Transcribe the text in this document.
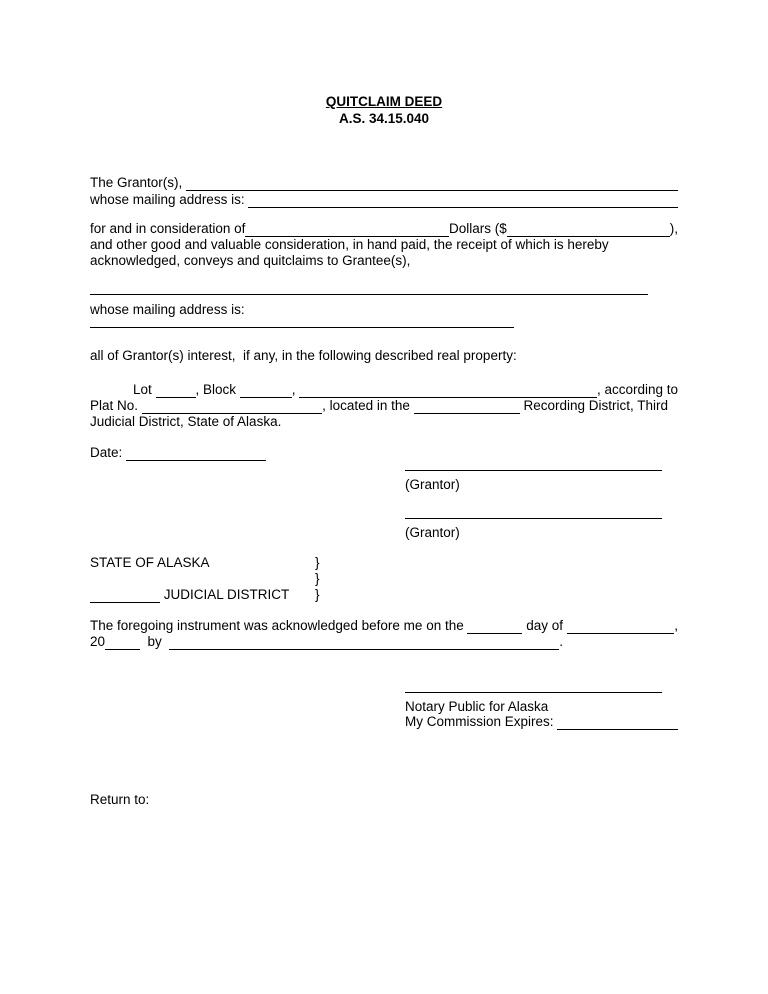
QUITCLAIM DEED
A.S. 34.15.040
The Grantor(s),
whose mailing address is:
for and in consideration of	Dollars ($	),
and other good and valuable consideration, in hand paid, the receipt of which is hereby
acknowledged, conveys and quitclaims to Grantee(s),
whose mailing address is:
all of Grantor(s) interest,  if any, in the following described real property:
Lot	, Block	,	, according to
Plat No.	, located in the	Recording District, Third
Judicial District, State of Alaska.
Date:
(Grantor)
(Grantor)
STATE OF ALASKA	}
}
JUDICIAL DISTRICT }
The foregoing instrument was acknowledged before me on the	day of	,
20	by	.
Notary Public for Alaska
My Commission Expires:
Return to:
